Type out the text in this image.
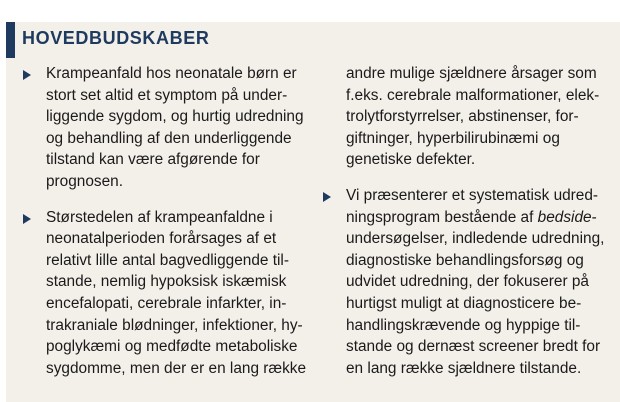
HOVEDBUDSKABER

Krampeanfald hos neonatale børn er
stort set altid et symptom på under-
liggende sygdom, og hurtig udredning
og behandling af den underliggende
tilstand kan være afgørende for
prognosen.

Størstedelen af krampeanfaldne i
neonatalperioden forårsages af et
relativt lille antal bagvedliggende til-
stande, nemlig hypoksisk iskæmisk
encefalopati, cerebrale infarkter, in-
trakraniale blødninger, infektioner, hy-
poglykæmi og medfødte metaboliske
sygdomme, men der er en lang række

andre mulige sjældnere årsager som
f.eks. cerebrale malformationer, elek-
trolytforstyrrelser, abstinenser, for-
giftninger, hyperbilirubinæmi og
genetiske defekter.

Vi præsenterer et systematisk udred-
ningsprogram bestående af bedside-
undersøgelser, indledende udredning,
diagnostiske behandlingsforsøg og
udvidet udredning, der fokuserer på
hurtigst muligt at diagnosticere be-
handlingskrævende og hyppige til-
stande og dernæst screener bredt for
en lang række sjældnere tilstande.
